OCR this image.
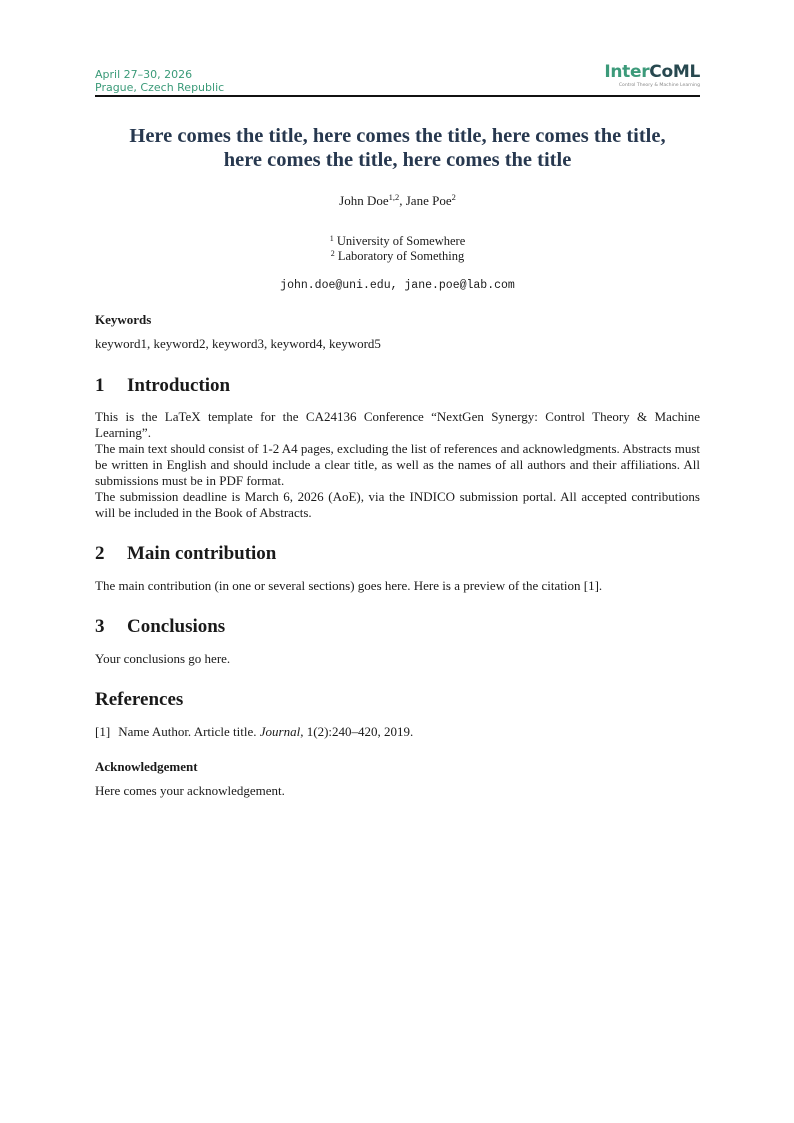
April 27–30, 2026
Prague, Czech Republic
InterCoML
Control Theory & Machine Learning
Here comes the title, here comes the title, here comes the title,
here comes the title, here comes the title
John Doe$^{1,2}$, Jane Poe$^2$
$^1$ University of Somewhere
$^2$ Laboratory of Something
john.doe@uni.edu, jane.poe@lab.com
Keywords
keyword1, keyword2, keyword3, keyword4, keyword5
1 Introduction
This is the LaTeX template for the CA24136 Conference “NextGen Synergy: Control Theory & Machine Learning”.
The main text should consist of 1-2 A4 pages, excluding the list of references and acknowledgments. Abstracts must be written in English and should include a clear title, as well as the names of all authors and their affiliations. All submissions must be in PDF format.
The submission deadline is March 6, 2026 (AoE), via the INDICO submission portal. All accepted contributions will be included in the Book of Abstracts.
2 Main contribution
The main contribution (in one or several sections) goes here. Here is a preview of the citation [1].
3 Conclusions
Your conclusions go here.
References
[1] Name Author. Article title. Journal, 1(2):240–420, 2019.
Acknowledgement
Here comes your acknowledgement.
